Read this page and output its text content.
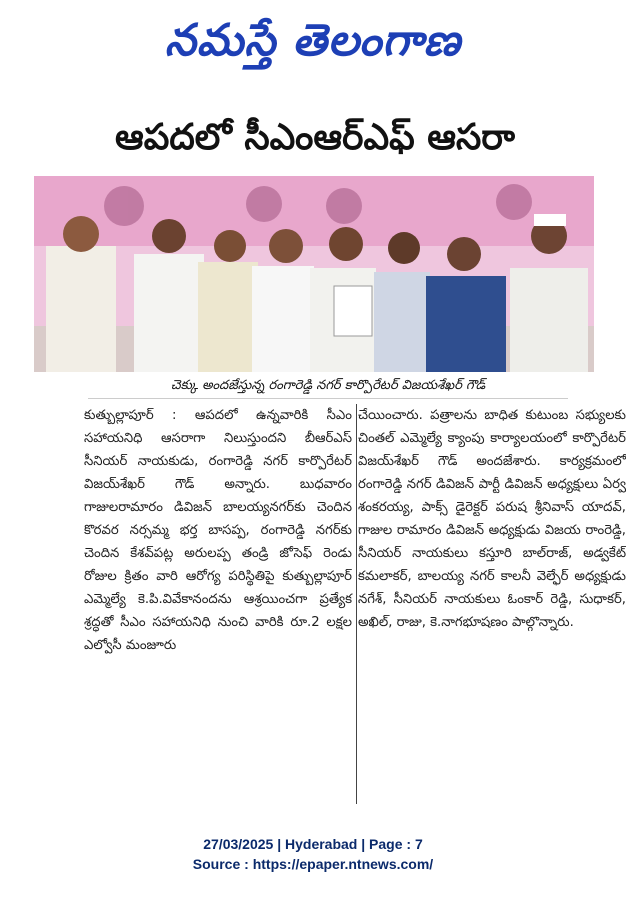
నమస్తే తెలంగాణ
ఆపదలో సీఎంఆర్ఎఫ్ ఆసరా
చెక్కు అందజేస్తున్న రంగారెడ్డి నగర్ కార్పొరేటర్ విజయశేఖర్ గౌడ్

కుత్బుల్లాపూర్ : ఆపదలో ఉన్నవారికి సీఎం సహాయనిధి ఆసరాగా నిలుస్తుందని బీఆర్ఎస్ సీనియర్ నాయకుడు, రంగారెడ్డి నగర్ కార్పొరేటర్ విజయ్‌శేఖర్ గౌడ్ అన్నారు. బుధవారం గాజులరామారం డివిజన్ బాలయ్యనగర్‌కు చెందిన కొరవర నర్సమ్మ భర్త బాసప్ప, రంగారెడ్డి నగర్‌కు చెందిన కేశవ్‌పట్ల అరులప్ప తండ్రి జోసెఫ్ రెండు రోజుల క్రితం వారి ఆరోగ్య పరిస్థితిపై కుత్బుల్లాపూర్ ఎమ్మెల్యే కె.పి.వివేకానందను ఆశ్రయించగా ప్రత్యేక శ్రద్ధతో సీఎం సహాయనిధి నుంచి వారికి రూ.2 లక్షల ఎల్వోసీ మంజూరు

చేయించారు. పత్రాలను బాధిత కుటుంబ సభ్యులకు చింతల్ ఎమ్మెల్యే క్యాంపు కార్యాలయంలో కార్పొరేటర్ విజయ్‌శేఖర్ గౌడ్ అందజేశారు. కార్యక్రమంలో రంగారెడ్డి నగర్ డివిజన్ పార్టీ డివిజన్ అధ్యక్షులు ఏర్వ శంకరయ్య, పాక్స్ డైరెక్టర్ పరుష శ్రీనివాస్ యాదవ్, గాజుల రామారం డివిజన్ అధ్యక్షుడు విజయ రాంరెడ్డి, సీనియర్ నాయకులు కస్తూరి బాల్‌రాజ్, అడ్వకేట్ కమలాకర్, బాలయ్య నగర్ కాలనీ వెల్ఫేర్ అధ్యక్షుడు నగేశ్, సీనియర్ నాయకులు ఓంకార్ రెడ్డి, సుధాకర్, అఖిల్, రాజు, కె.నాగభూషణం పాల్గొన్నారు.

27/03/2025 | Hyderabad | Page : 7
Source : https://epaper.ntnews.com/
